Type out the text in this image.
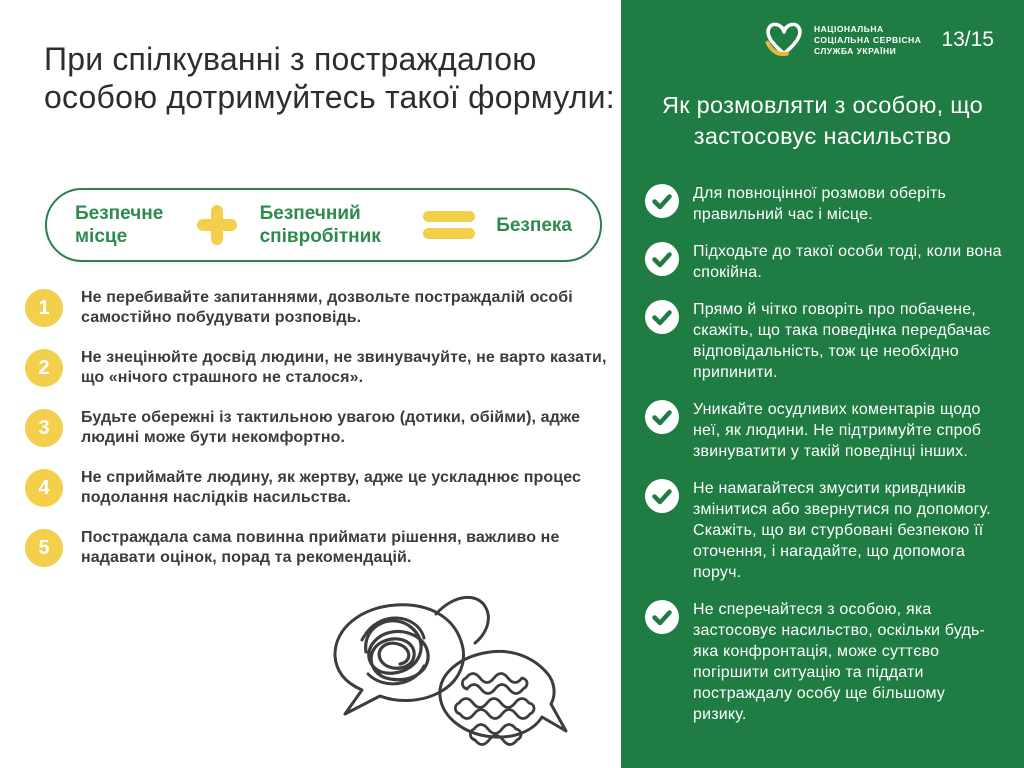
При спілкуванні з постраждалою особою дотримуйтесь такої формули:
Безпечне місце
Безпечний співробітник
Безпека
1	Не перебивайте запитаннями, дозвольте постраждалій особі самостійно побудувати розповідь.
2	Не знецінюйте досвід людини, не звинувачуйте, не варто казати, що «нічого страшного не сталося».
3	Будьте обережні із тактильною увагою (дотики, обійми), адже людині може бути некомфортно.
4	Не сприймайте людину, як жертву, адже це ускладнює процес подолання наслідків насильства.
5	Постраждала сама повинна приймати рішення, важливо не надавати оцінок, порад та рекомендацій.
НАЦІОНАЛЬНА
СОЦІАЛЬНА СЕРВІСНА
СЛУЖБА УКРАЇНИ	13/15
Як розмовляти з особою, що застосовує насильство
Для повноцінної розмови оберіть правильний час і місце.
Підходьте до такої особи тоді, коли вона спокійна.
Прямо й чітко говоріть про побачене, скажіть, що така поведінка передбачає відповідальність, тож це необхідно припинити.
Уникайте осудливих коментарів щодо неї, як людини. Не підтримуйте спроб звинуватити у такій поведінці інших.
Не намагайтеся змусити кривдників змінитися або звернутися по допомогу. Скажіть, що ви стурбовані безпекою її оточення, і нагадайте, що допомога поруч.
Не сперечайтеся з особою, яка застосовує насильство, оскільки будь-яка конфронтація, може суттєво погіршити ситуацію та піддати постраждалу особу ще більшому ризику.
